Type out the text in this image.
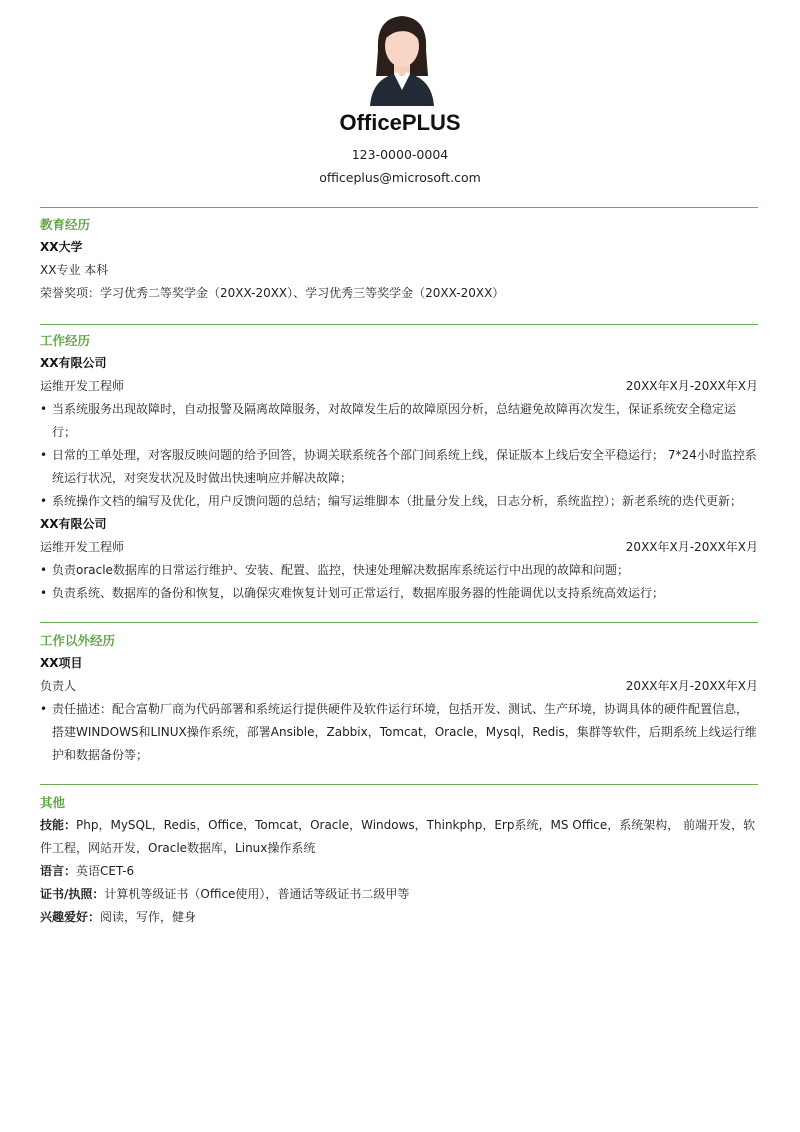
OfficePLUS
123-0000-0004
officeplus@microsoft.com
教育经历
XX大学
XX专业 本科
荣誉奖项：学习优秀二等奖学金（20XX-20XX）、学习优秀三等奖学金（20XX-20XX）
工作经历
XX有限公司
运维开发工程师	20XX年X月-20XX年X月
• 当系统服务出现故障时，自动报警及隔离故障服务，对故障发生后的故障原因分析，总结避免故障再次发生，保证系统安全稳定运行；
• 日常的工单处理，对客服反映问题的给予回答，协调关联系统各个部门间系统上线，保证版本上线后安全平稳运行； 7*24小时监控系统运行状况，对突发状况及时做出快速响应并解决故障；
• 系统操作文档的编写及优化，用户反馈问题的总结；编写运维脚本（批量分发上线，日志分析，系统监控）；新老系统的迭代更新；
XX有限公司
运维开发工程师	20XX年X月-20XX年X月
• 负责oracle数据库的日常运行维护、安装、配置、监控，快速处理解决数据库系统运行中出现的故障和问题；
• 负责系统、数据库的备份和恢复，以确保灾难恢复计划可正常运行，数据库服务器的性能调优以支持系统高效运行；
工作以外经历
XX项目
负责人	20XX年X月-20XX年X月
• 责任描述：配合富勒厂商为代码部署和系统运行提供硬件及软件运行环境，包括开发、测试、生产环境，协调具体的硬件配置信息，搭建WINDOWS和LINUX操作系统，部署Ansible，Zabbix，Tomcat，Oracle，Mysql，Redis，集群等软件，后期系统上线运行维护和数据备份等；
其他
技能：Php，MySQL，Redis，Office，Tomcat，Oracle，Windows，Thinkphp，Erp系统，MS Office，系统架构， 前端开发，软件工程，网站开发，Oracle数据库，Linux操作系统
语言：英语CET-6
证书/执照：计算机等级证书（Office使用），普通话等级证书二级甲等
兴趣爱好：阅读，写作，健身
